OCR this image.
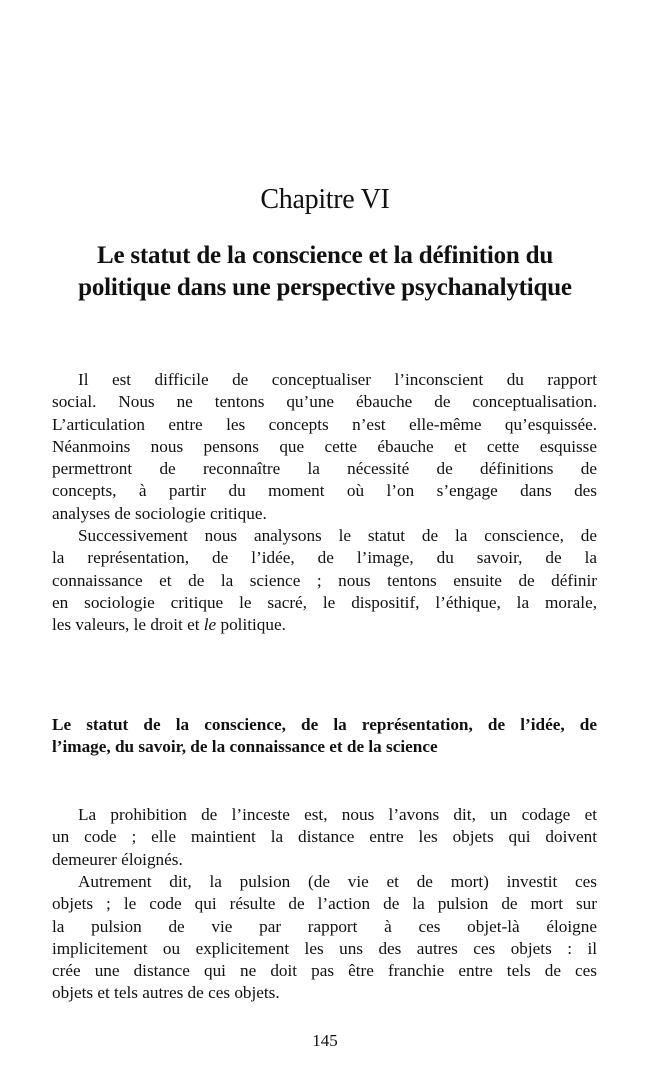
Chapitre VI
Le statut de la conscience et la définition du
politique dans une perspective psychanalytique
Il est difficile de conceptualiser l’inconscient du rapport
social. Nous ne tentons qu’une ébauche de conceptualisation.
L’articulation entre les concepts n’est elle-même qu’esquissée.
Néanmoins nous pensons que cette ébauche et cette esquisse
permettront de reconnaître la nécessité de définitions de
concepts, à partir du moment où l’on s’engage dans des
analyses de sociologie critique.
Successivement nous analysons le statut de la conscience, de
la représentation, de l’idée, de l’image, du savoir, de la
connaissance et de la science ; nous tentons ensuite de définir
en sociologie critique le sacré, le dispositif, l’éthique, la morale,
les valeurs, le droit et le politique.
Le statut de la conscience, de la représentation, de l’idée, de
l’image, du savoir, de la connaissance et de la science
La prohibition de l’inceste est, nous l’avons dit, un codage et
un code ; elle maintient la distance entre les objets qui doivent
demeurer éloignés.
Autrement dit, la pulsion (de vie et de mort) investit ces
objets ; le code qui résulte de l’action de la pulsion de mort sur
la pulsion de vie par rapport à ces objet-là éloigne
implicitement ou explicitement les uns des autres ces objets : il
crée une distance qui ne doit pas être franchie entre tels de ces
objets et tels autres de ces objets.
145
